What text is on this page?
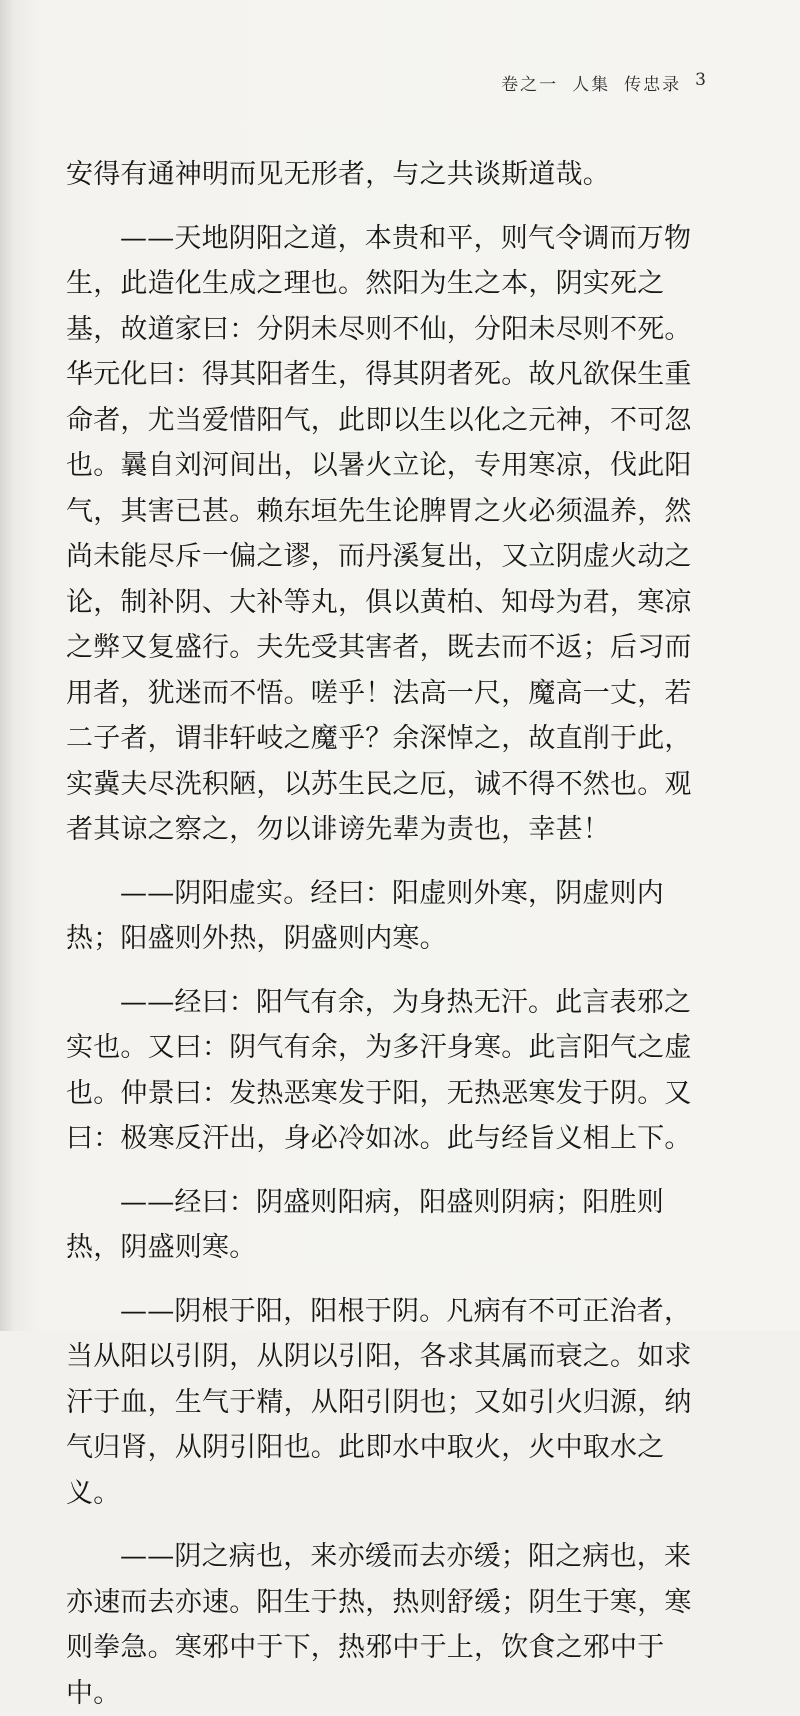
卷之一 人集 传忠录 3

安得有通神明而见无形者，与之共谈斯道哉。

——天地阴阳之道，本贵和平，则气令调而万物生，此造化生成之理也。然阳为生之本，阴实死之基，故道家曰：分阴未尽则不仙，分阳未尽则不死。华元化曰：得其阳者生，得其阴者死。故凡欲保生重命者，尤当爱惜阳气，此即以生以化之元神，不可忽也。曩自刘河间出，以暑火立论，专用寒凉，伐此阳气，其害已甚。赖东垣先生论脾胃之火必须温养，然尚未能尽斥一偏之谬，而丹溪复出，又立阴虚火动之论，制补阴、大补等丸，俱以黄柏、知母为君，寒凉之弊又复盛行。夫先受其害者，既去而不返；后习而用者，犹迷而不悟。嗟乎！法高一尺，魔高一丈，若二子者，谓非轩岐之魔乎？余深悼之，故直削于此，实冀夫尽洗积陋，以苏生民之厄，诚不得不然也。观者其谅之察之，勿以诽谤先辈为责也，幸甚！

——阴阳虚实。经曰：阳虚则外寒，阴虚则内热；阳盛则外热，阴盛则内寒。

——经曰：阳气有余，为身热无汗。此言表邪之实也。又曰：阴气有余，为多汗身寒。此言阳气之虚也。仲景曰：发热恶寒发于阳，无热恶寒发于阴。又曰：极寒反汗出，身必冷如冰。此与经旨义相上下。

——经曰：阴盛则阳病，阳盛则阴病；阳胜则热，阴盛则寒。

——阴根于阳，阳根于阴。凡病有不可正治者，当从阳以引阴，从阴以引阳，各求其属而衰之。如求汗于血，生气于精，从阳引阴也；又如引火归源，纳气归肾，从阴引阳也。此即水中取火，火中取水之义。

——阴之病也，来亦缓而去亦缓；阳之病也，来亦速而去亦速。阳生于热，热则舒缓；阴生于寒，寒则拳急。寒邪中于下，热邪中于上，饮食之邪中于中。
